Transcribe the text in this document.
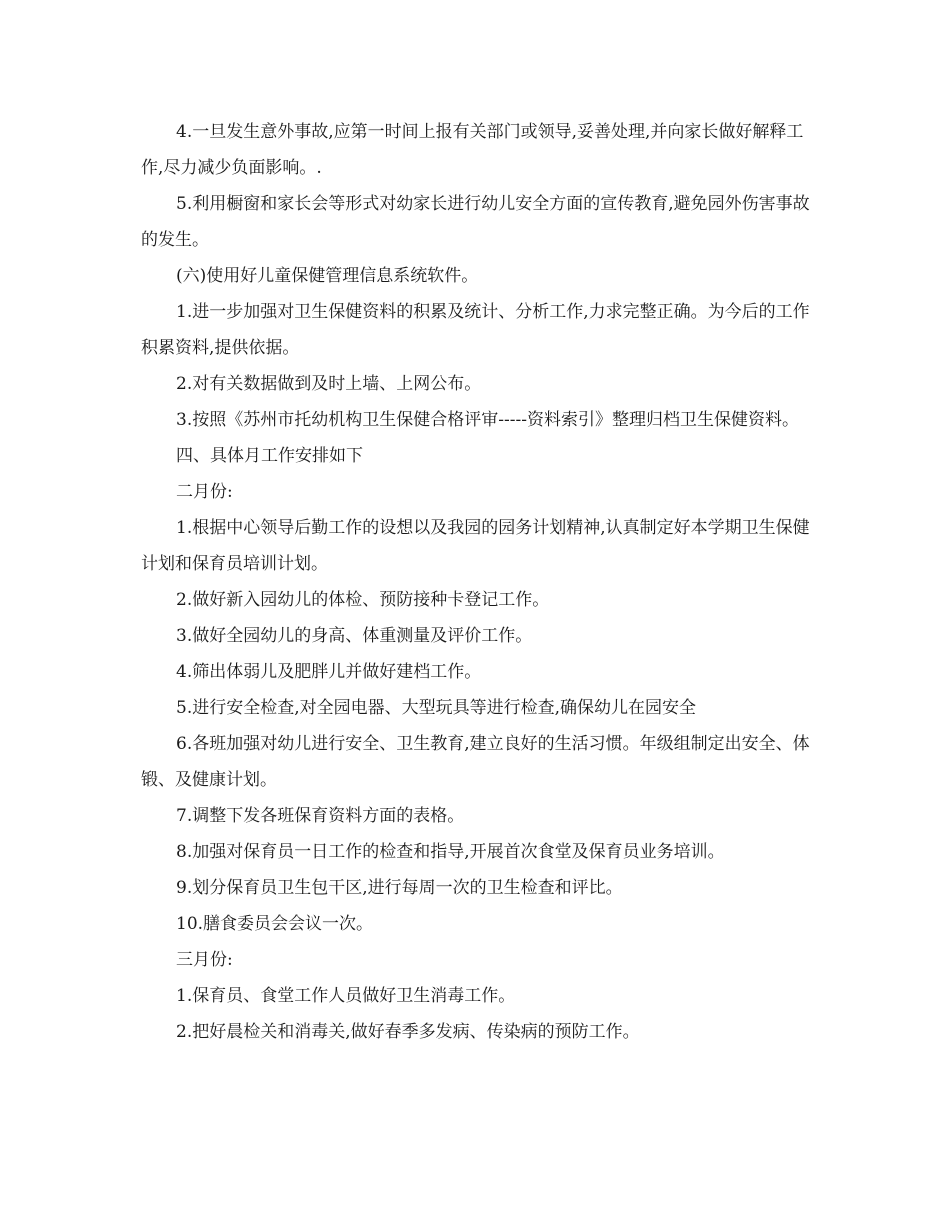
4.一旦发生意外事故,应第一时间上报有关部门或领导,妥善处理,并向家长做好解释工作,尽力减少负面影响。.

5.利用橱窗和家长会等形式对幼家长进行幼儿安全方面的宣传教育,避免园外伤害事故的发生。

(六)使用好儿童保健管理信息系统软件。

1.进一步加强对卫生保健资料的积累及统计、分析工作,力求完整正确。为今后的工作积累资料,提供依据。

2.对有关数据做到及时上墙、上网公布。

3.按照《苏州市托幼机构卫生保健合格评审-----资料索引》整理归档卫生保健资料。

四、具体月工作安排如下

二月份:

1.根据中心领导后勤工作的设想以及我园的园务计划精神,认真制定好本学期卫生保健计划和保育员培训计划。

2.做好新入园幼儿的体检、预防接种卡登记工作。

3.做好全园幼儿的身高、体重测量及评价工作。

4.筛出体弱儿及肥胖儿并做好建档工作。

5.进行安全检查,对全园电器、大型玩具等进行检查,确保幼儿在园安全

6.各班加强对幼儿进行安全、卫生教育,建立良好的生活习惯。年级组制定出安全、体锻、及健康计划。

7.调整下发各班保育资料方面的表格。

8.加强对保育员一日工作的检查和指导,开展首次食堂及保育员业务培训。

9.划分保育员卫生包干区,进行每周一次的卫生检查和评比。

10.膳食委员会会议一次。

三月份:

1.保育员、食堂工作人员做好卫生消毒工作。

2.把好晨检关和消毒关,做好春季多发病、传染病的预防工作。
